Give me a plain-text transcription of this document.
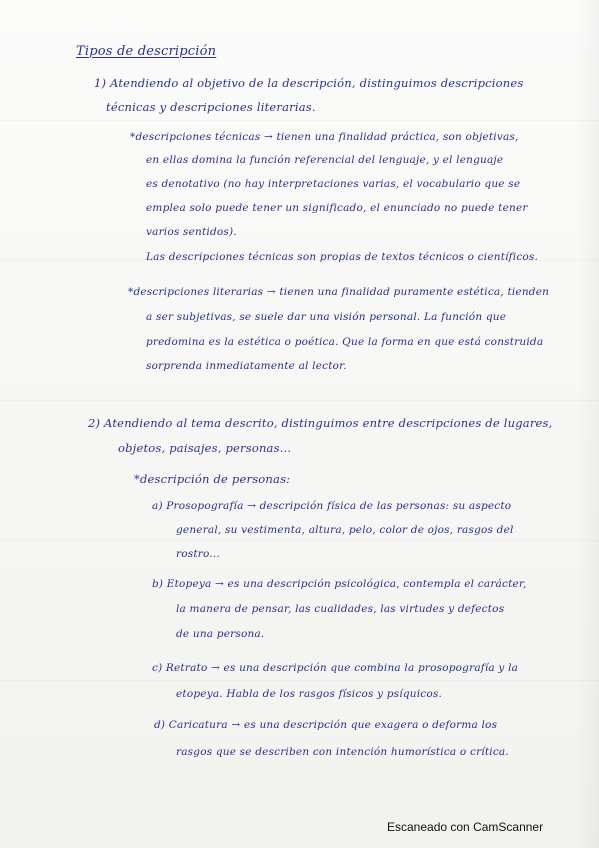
Tipos de descripción
1) Atendiendo al objetivo de la descripción, distinguimos descripciones
técnicas y descripciones literarias.
*descripciones técnicas → tienen una finalidad práctica, son objetivas,
en ellas domina la función referencial del lenguaje, y el lenguaje
es denotativo (no hay interpretaciones varias, el vocabulario que se
emplea solo puede tener un significado, el enunciado no puede tener
varios sentidos).
Las descripciones técnicas son propias de textos técnicos o científicos.
*descripciones literarias → tienen una finalidad puramente estética, tienden
a ser subjetivas, se suele dar una visión personal. La función que
predomina es la estética o poética. Que la forma en que está construida
sorprenda inmediatamente al lector.
2) Atendiendo al tema descrito, distinguimos entre descripciones de lugares,
objetos, paisajes, personas...
*descripción de personas:
a) Prosopografía → descripción física de las personas: su aspecto
general, su vestimenta, altura, pelo, color de ojos, rasgos del
rostro...
b) Etopeya → es una descripción psicológica, contempla el carácter,
la manera de pensar, las cualidades, las virtudes y defectos
de una persona.
c) Retrato → es una descripción que combina la prosopografía y la
etopeya. Habla de los rasgos físicos y psíquicos.
d) Caricatura → es una descripción que exagera o deforma los
rasgos que se describen con intención humorística o crítica.
Escaneado con CamScanner
